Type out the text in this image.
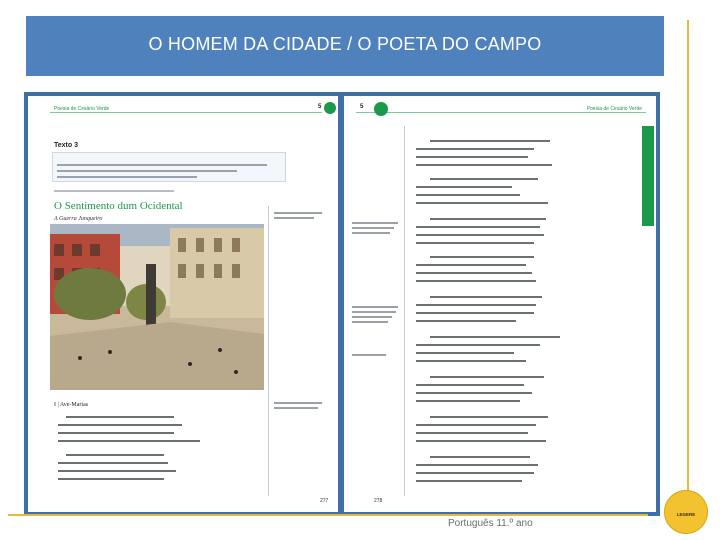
O HOMEM DA CIDADE / O POETA DO CAMPO
Poesia de Cesário Verde	5
Texto 3
O Sentimento dum Ocidental
A Guerra Junqueiro
I | Ave-Marias
277
5	Poesia de Cesário Verde
278
Português 11.º ano
LEGERE
